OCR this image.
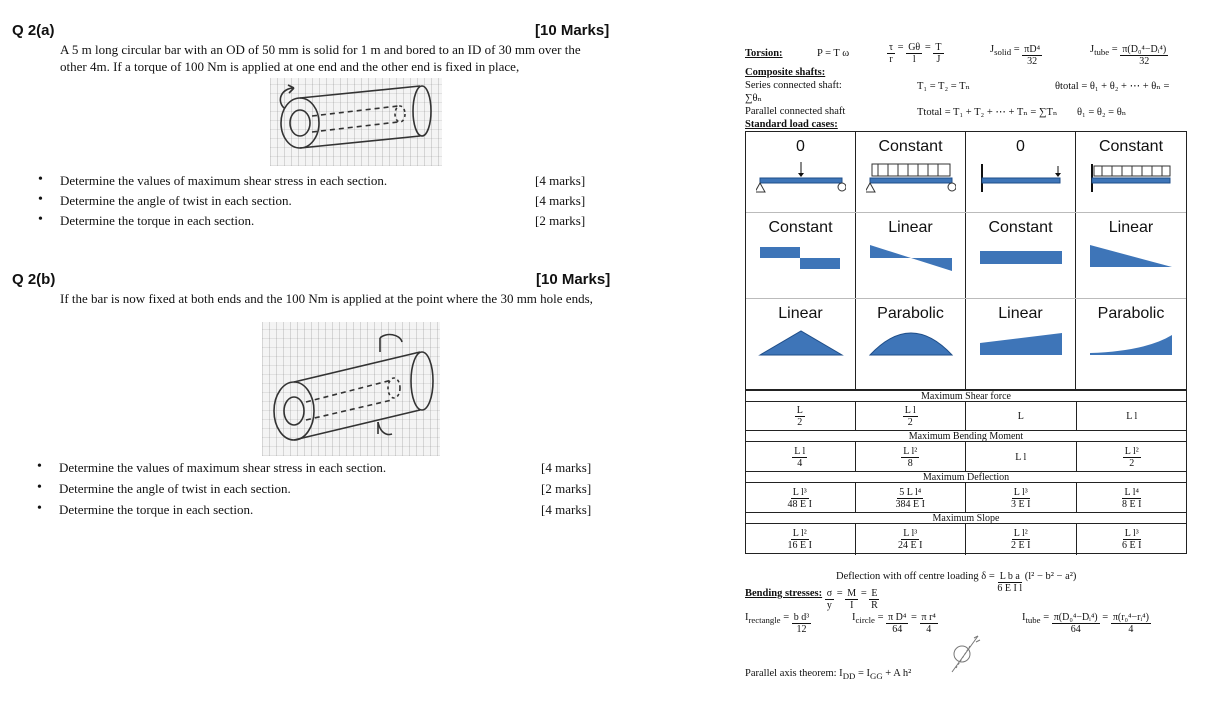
Q 2(a)	[10 Marks]
A 5 m long circular bar with an OD of 50 mm is solid for 1 m and bored to an ID of 30 mm over the
other 4m. If a torque of 100 Nm is applied at one end and the other end is fixed in place,
• Determine the values of maximum shear stress in each section.	[4 marks]
• Determine the angle of twist in each section.	[4 marks]
• Determine the torque in each section.	[2 marks]
Q 2(b)	[10 Marks]
If the bar is now fixed at both ends and the 100 Nm is applied at the point where the 30 mm hole ends,
• Determine the values of maximum shear stress in each section.	[4 marks]
• Determine the angle of twist in each section.	[2 marks]
• Determine the torque in each section.	[4 marks]
Torsion:	P = T ω	$\frac{\tau}{r} = \frac{G\theta}{l} = \frac{T}{J}$	$J_{solid} = \frac{\text{πD⁴}}{32}$	$J_{tube} = \frac{\text{π(D₀⁴−Dᵢ⁴)}}{32}$
Composite shafts:
Series connected shaft:	T₁ = T₂ = Tₙ	θtotal = θ₁ + θ₂ + ⋯ + θₙ =
∑θₙ
Parallel connected shaft	Ttotal = T₁ + T₂ + ⋯ + Tₙ = ∑Tₙ θ₁ = θ₂ = θₙ
Standard load cases:
0	Constant	0	Constant
Constant	Linear	Constant	Linear
Linear	Parabolic	Linear	Parabolic
Maximum Shear force
$\frac{L}{2}$	$\frac{\text{L l}}{2}$	L	L l
Maximum Bending Moment
$\frac{\text{L l}}{4}$	$\frac{\text{L l²}}{8}$	L l	$\frac{\text{L l²}}{2}$
Maximum Deflection
$\frac{\text{L l³}}{\text{48 E I}}$	$\frac{\text{5 L l⁴}}{\text{384 E I}}$	$\frac{\text{L l³}}{\text{3 E I}}$	$\frac{\text{L l⁴}}{\text{8 E I}}$
Maximum Slope
$\frac{\text{L l²}}{\text{16 E I}}$	$\frac{\text{L l³}}{\text{24 E I}}$	$\frac{\text{L l²}}{\text{2 E I}}$	$\frac{\text{L l³}}{\text{6 E I}}$
Deflection with off centre loading $\delta = \frac{\text{L b a}}{\text{6 E I l}} (l^2 - b^2 - a^2)$
Bending stresses: $\frac{\sigma}{y} = \frac{M}{I} = \frac{E}{R}$
$I_{rectangle} = \frac{\text{b d³}}{12}$	$I_{circle} = \frac{\text{π D⁴}}{64} = \frac{\text{π r⁴}}{4}$	$I_{tube} = \frac{\text{π(D₀⁴−Dᵢ⁴)}}{64} = \frac{\text{π(r₀⁴−rᵢ⁴)}}{4}$
Parallel axis theorem: $I_{DD} = I_{GG} + A$ h²
